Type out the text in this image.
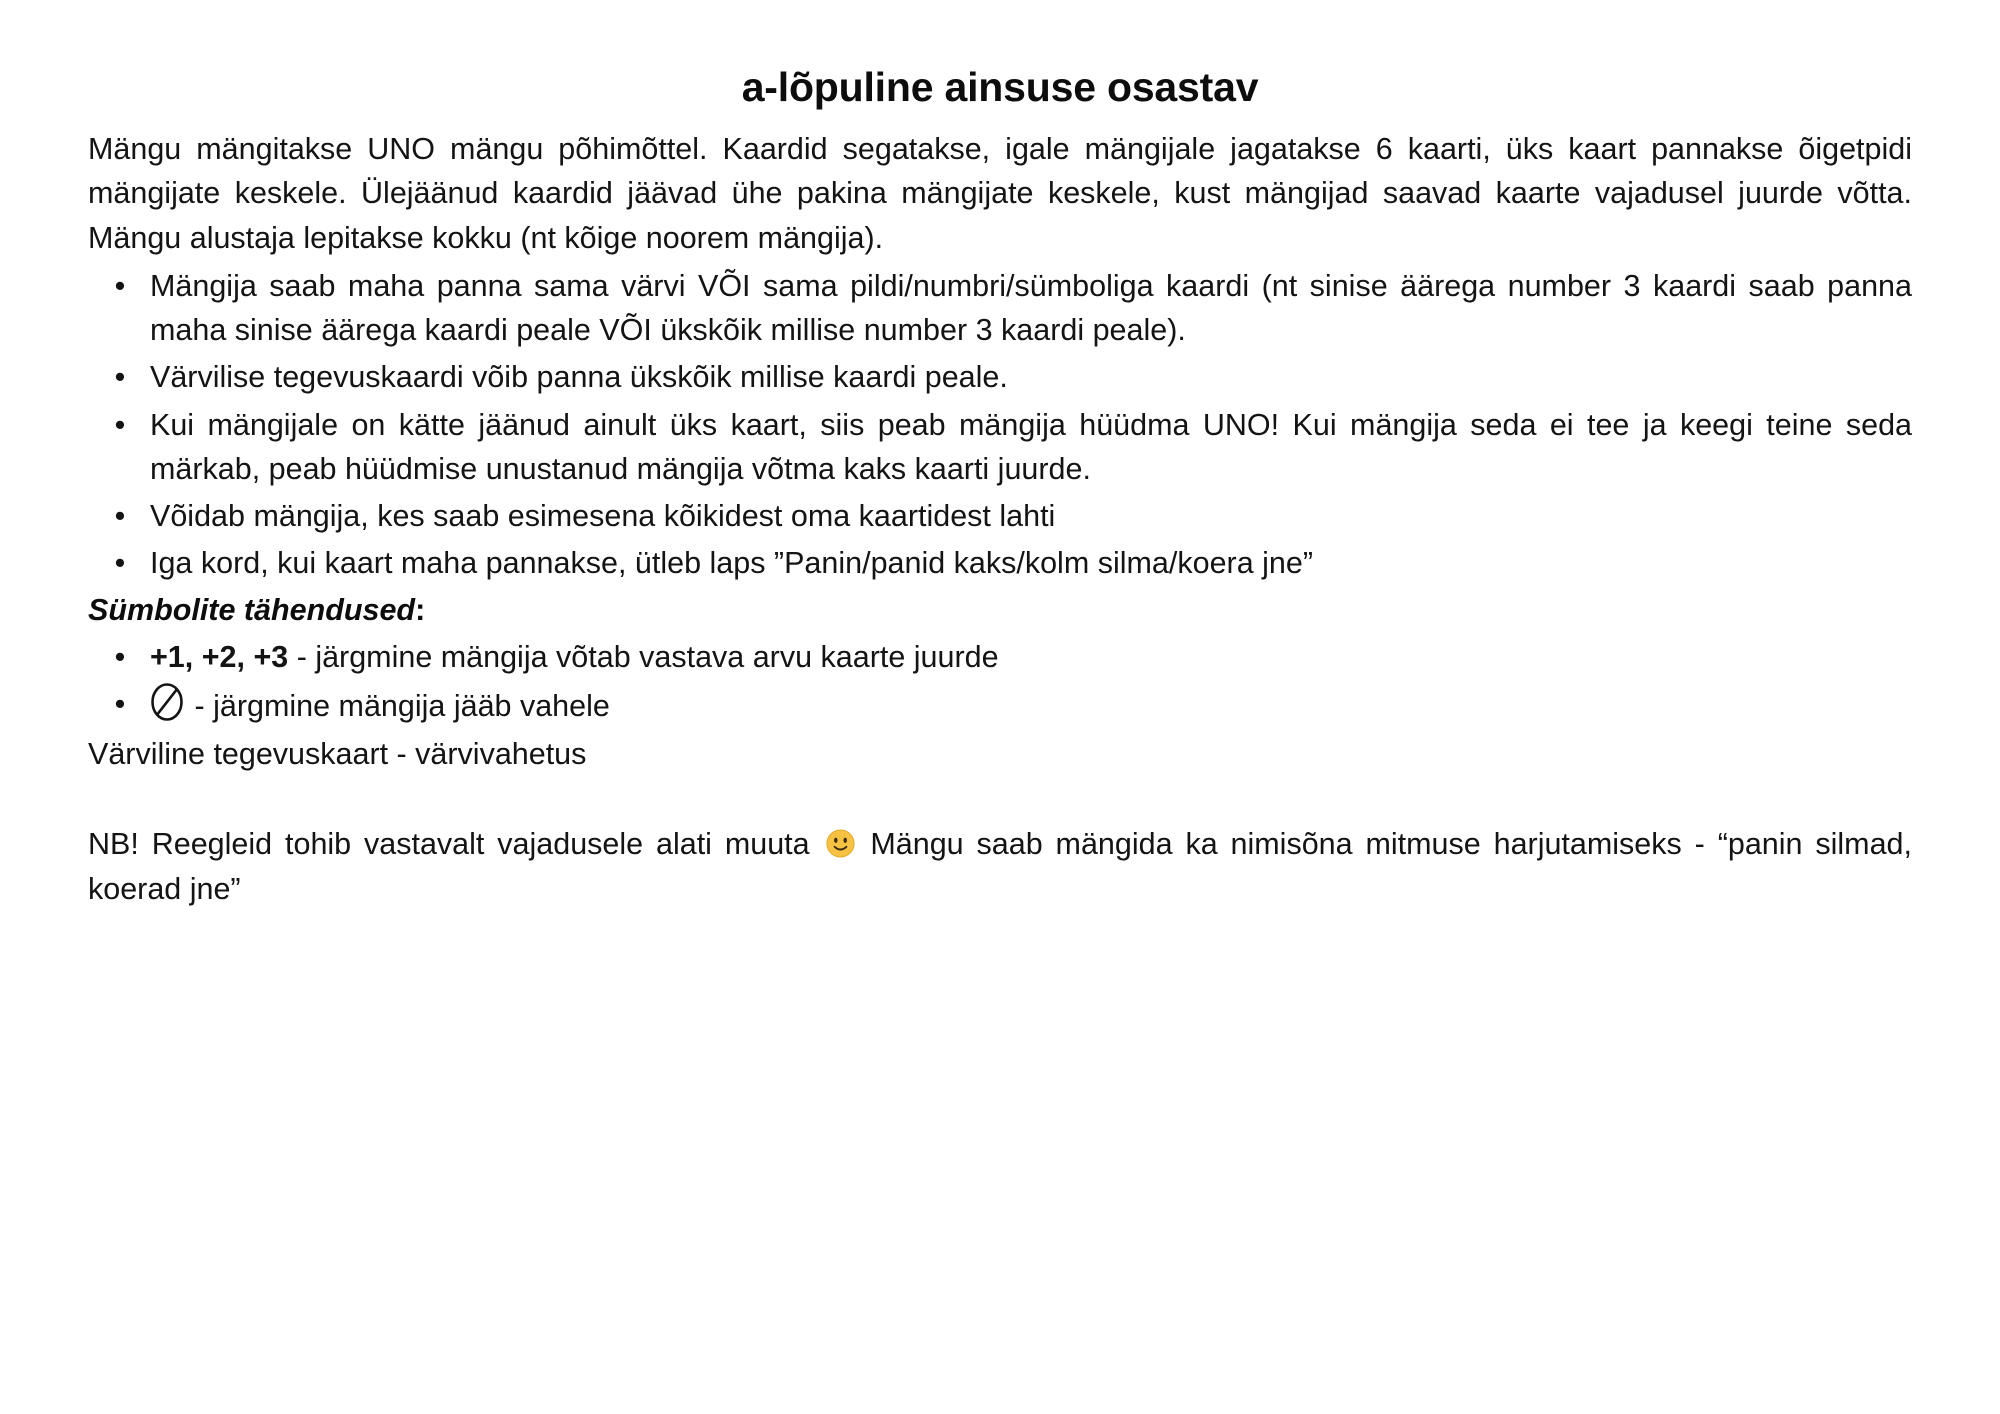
a-lõpuline ainsuse osastav

Mängu mängitakse UNO mängu põhimõttel. Kaardid segatakse, igale mängijale jagatakse 6 kaarti, üks kaart pannakse õigetpidi mängijate keskele. Ülejäänud kaardid jäävad ühe pakina mängijate keskele, kust mängijad saavad kaarte vajadusel juurde võtta. Mängu alustaja lepitakse kokku (nt kõige noorem mängija).

• Mängija saab maha panna sama värvi VÕI sama pildi/numbri/sümboliga kaardi (nt sinise äärega number 3 kaardi saab panna maha sinise äärega kaardi peale VÕI ükskõik millise number 3 kaardi peale).
• Värvilise tegevuskaardi võib panna ükskõik millise kaardi peale.
• Kui mängijale on kätte jäänud ainult üks kaart, siis peab mängija hüüdma UNO! Kui mängija seda ei tee ja keegi teine seda märkab, peab hüüdmise unustanud mängija võtma kaks kaarti juurde.
• Võidab mängija, kes saab esimesena kõikidest oma kaartidest lahti
• Iga kord, kui kaart maha pannakse, ütleb laps ”Panin/panid kaks/kolm silma/koera jne”

Sümbolite tähendused:

• +1, +2, +3 - järgmine mängija võtab vastava arvu kaarte juurde
• - järgmine mängija jääb vahele

Värviline tegevuskaart - värvivahetus

NB! Reegleid tohib vastavalt vajadusele alati muuta Mängu saab mängida ka nimisõna mitmuse harjutamiseks - “panin silmad, koerad jne”
